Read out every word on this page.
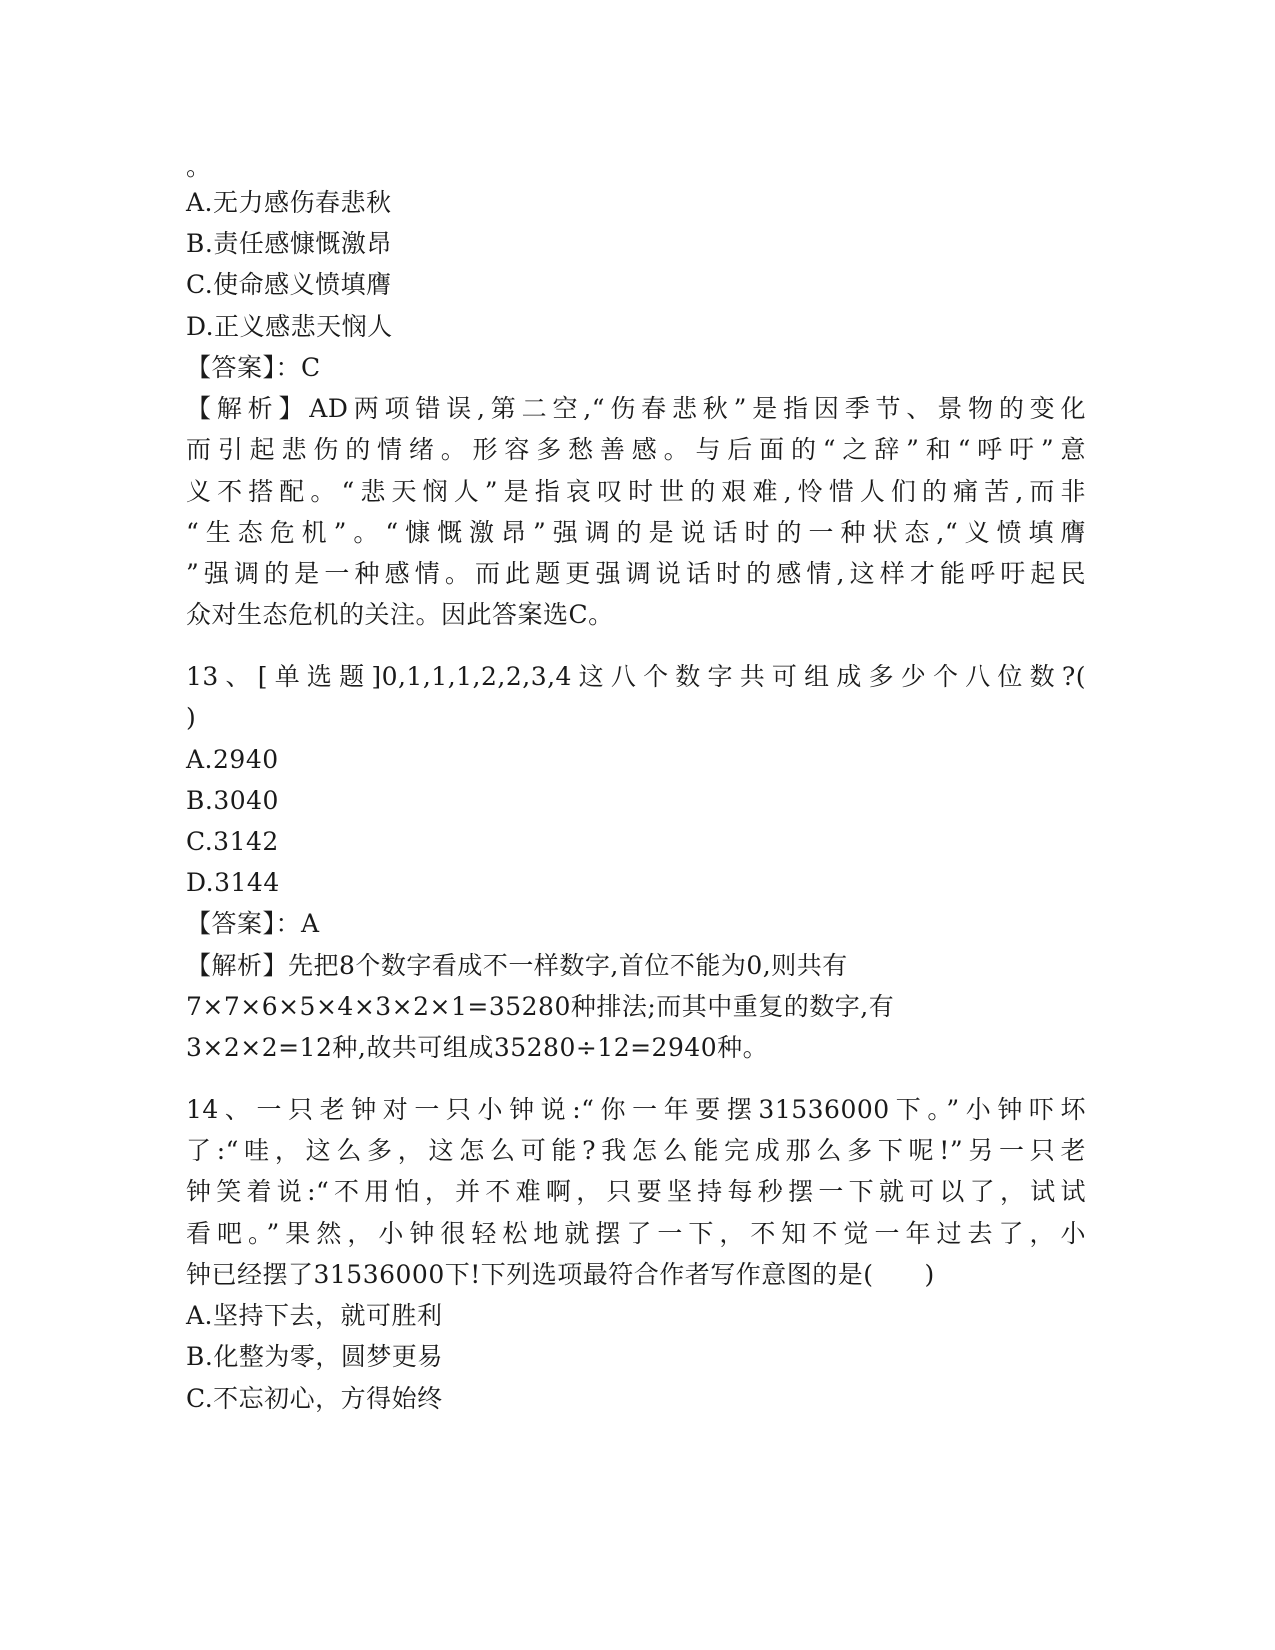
。
A.无力感伤春悲秋
B.责任感慷慨激昂
C.使命感义愤填膺
D.正义感悲天悯人
【答案】：C
【解析】AD两项错误,第二空,“伤春悲秋”是指因季节、景物的变化
而引起悲伤的情绪。形容多愁善感。与后面的“之辞”和“呼吁”意
义不搭配。“悲天悯人”是指哀叹时世的艰难,怜惜人们的痛苦,而非
“生态危机”。“慷慨激昂”强调的是说话时的一种状态,“义愤填膺
”强调的是一种感情。而此题更强调说话时的感情,这样才能呼吁起民
众对生态危机的关注。因此答案选C。
13、[单选题]0,1,1,1,2,2,3,4这八个数字共可组成多少个八位数?(
)
A.2940
B.3040
C.3142
D.3144
【答案】：A
【解析】先把8个数字看成不一样数字,首位不能为0,则共有
7×7×6×5×4×3×2×1=35280种排法;而其中重复的数字,有
3×2×2=12种,故共可组成35280÷12=2940种。
14、一只老钟对一只小钟说:“你一年要摆31536000下。”小钟吓坏
了:“哇，这么多，这怎么可能?我怎么能完成那么多下呢!”另一只老
钟笑着说:“不用怕，并不难啊，只要坚持每秒摆一下就可以了，试试
看吧。”果然，小钟很轻松地就摆了一下，不知不觉一年过去了，小
钟已经摆了31536000下!下列选项最符合作者写作意图的是(　　)
A.坚持下去，就可胜利
B.化整为零，圆梦更易
C.不忘初心，方得始终
